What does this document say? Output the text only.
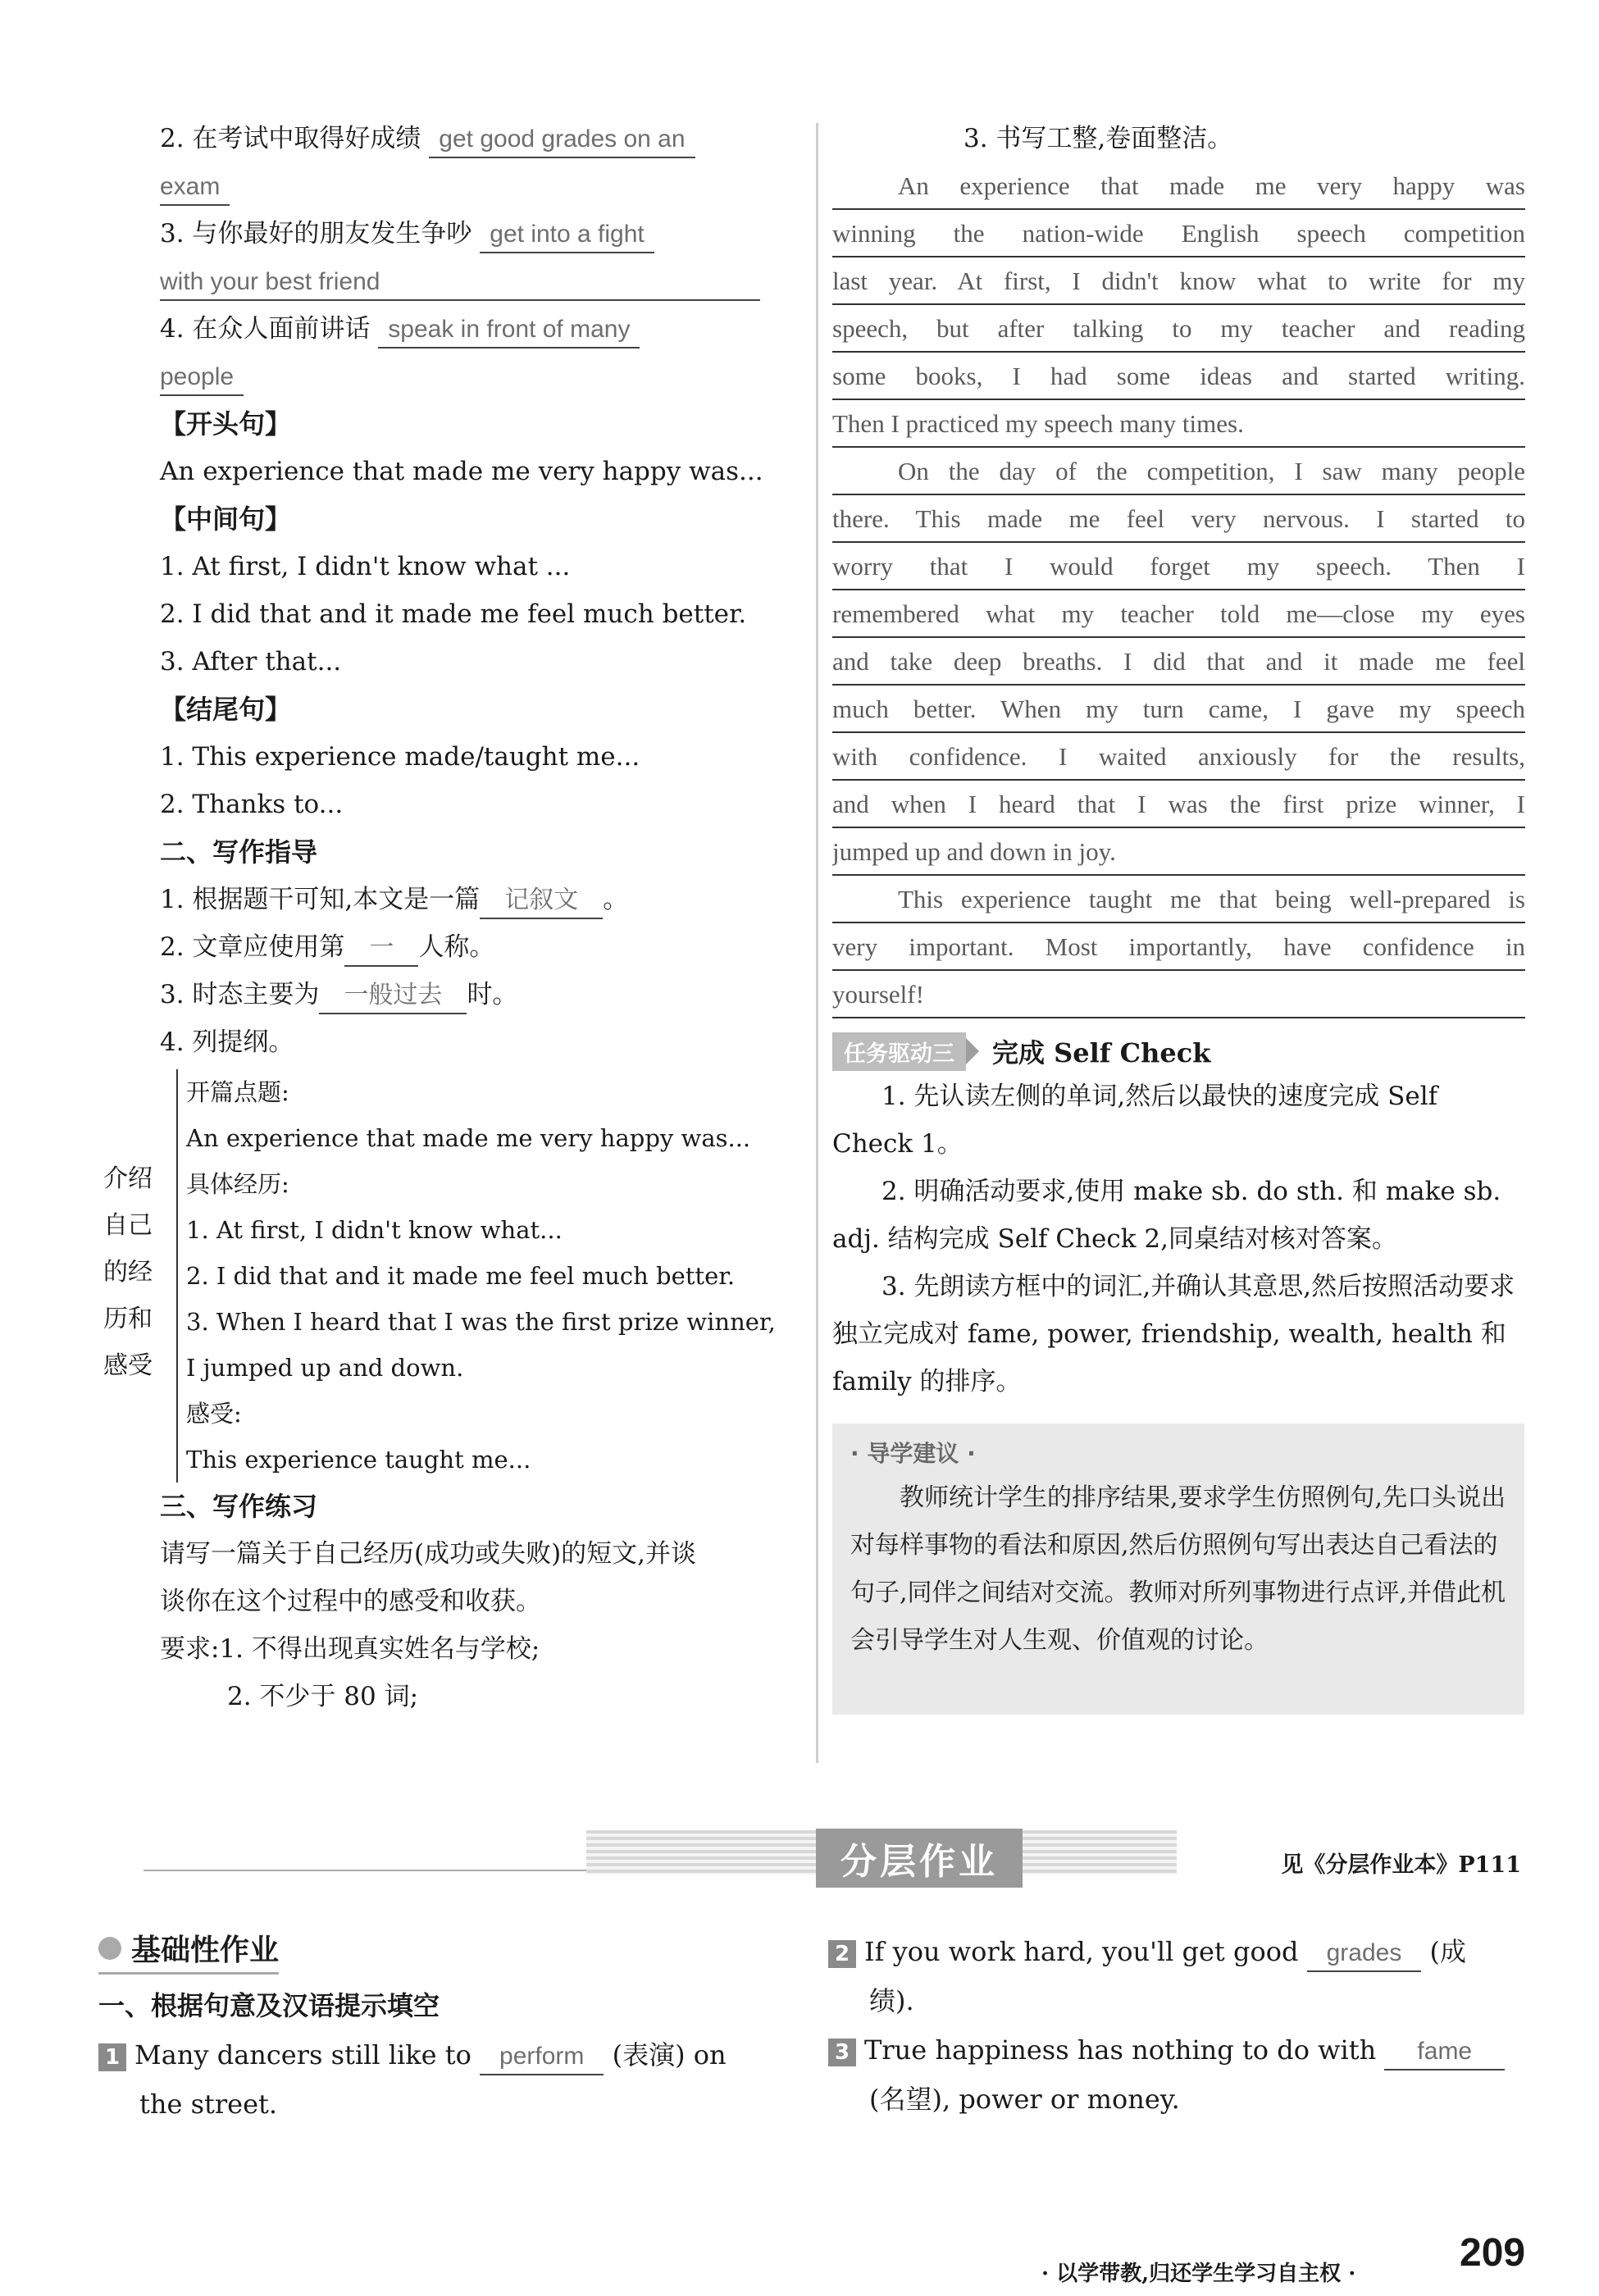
2. 在考试中取得好成绩 get good grades on an

exam

3. 与你最好的朋友发生争吵 get into a fight

with your best friend

4. 在众人面前讲话 speak in front of many

people

【开头句】

An experience that made me very happy was...

【中间句】

1. At first, I didn't know what ...

2. I did that and it made me feel much better.

3. After that...

【结尾句】

1. This experience made/taught me...

2. Thanks to...

二、写作指导

1. 根据题干可知,本文是一篇 记叙文 。

2. 文章应使用第 一 人称。

3. 时态主要为 一般过去 时。

4. 列提纲。

介绍
自己
的经
历和
感受

开篇点题:

An experience that made me very happy was...

具体经历:

1. At first, I didn't know what...

2. I did that and it made me feel much better.

3. When I heard that I was the first prize winner,

I jumped up and down.

感受:

This experience taught me...

三、写作练习

请写一篇关于自己经历(成功或失败)的短文,并谈

谈你在这个过程中的感受和收获。

要求:1. 不得出现真实姓名与学校;

2. 不少于 80 词;

3. 书写工整,卷面整洁。

An experience that made me very happy was
winning the nation-wide English speech competition
last year. At first, I didn't know what to write for my
speech, but after talking to my teacher and reading
some books, I had some ideas and started writing.
Then I practiced my speech many times.
On the day of the competition, I saw many people
there. This made me feel very nervous. I started to
worry that I would forget my speech. Then I
remembered what my teacher told me—close my eyes
and take deep breaths. I did that and it made me feel
much better. When my turn came, I gave my speech
with confidence. I waited anxiously for the results,
and when I heard that I was the first prize winner, I
jumped up and down in joy.
This experience taught me that being well-prepared is
very important. Most importantly, have confidence in
yourself!
任务驱动三	完成 Self Check

1. 先认读左侧的单词,然后以最快的速度完成 Self Check 1。

2. 明确活动要求,使用 make sb. do sth. 和 make sb. adj. 结构完成 Self Check 2,同桌结对核对答案。

3. 先朗读方框中的词汇,并确认其意思,然后按照活动要求独立完成对 fame, power, friendship, wealth, health 和 family 的排序。

· 导学建议 ·

教师统计学生的排序结果,要求学生仿照例句,先口头说出对每样事物的看法和原因,然后仿照例句写出表达自己看法的句子,同伴之间结对交流。教师对所列事物进行点评,并借此机会引导学生对人生观、价值观的讨论。

分层作业	见《分层作业本》P111
基础性作业

一、根据句意及汉语提示填空

1 Many dancers still like to perform (表演) on

the street.

2 If you work hard, you'll get good grades (成

绩).

3 True happiness has nothing to do with fame

(名望), power or money.

· 以学带教,归还学生学习自主权 ·	209
